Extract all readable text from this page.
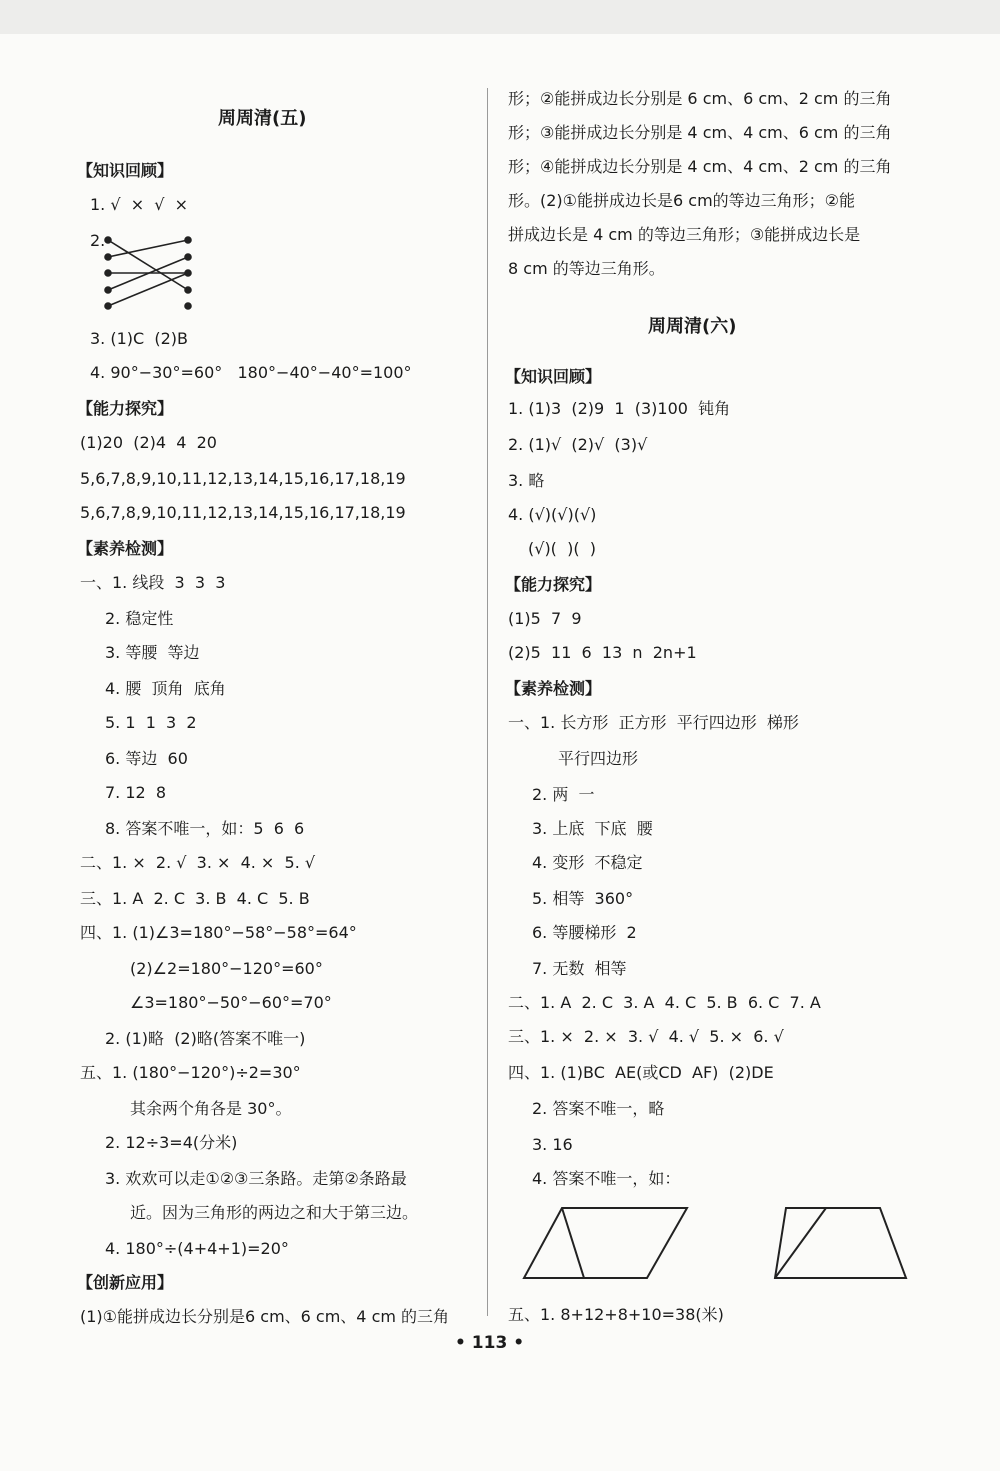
周周清(五)
【知识回顾】
1. √  ×  √  ×
2.
3. (1)C  (2)B
4. 90°−30°=60°   180°−40°−40°=100°
【能力探究】
(1)20  (2)4  4  20
5,6,7,8,9,10,11,12,13,14,15,16,17,18,19
5,6,7,8,9,10,11,12,13,14,15,16,17,18,19
【素养检测】
一、1. 线段  3  3  3
2. 稳定性
3. 等腰  等边
4. 腰  顶角  底角
5. 1  1  3  2
6. 等边  60
7. 12  8
8. 答案不唯一，如：5  6  6
二、1. ×  2. √  3. ×  4. ×  5. √
三、1. A  2. C  3. B  4. C  5. B
四、1. (1)∠3=180°−58°−58°=64°
(2)∠2=180°−120°=60°
∠3=180°−50°−60°=70°
2. (1)略  (2)略(答案不唯一)
五、1. (180°−120°)÷2=30°
其余两个角各是 30°。
2. 12÷3=4(分米)
3. 欢欢可以走①②③三条路。走第②条路最
近。因为三角形的两边之和大于第三边。
4. 180°÷(4+4+1)=20°
【创新应用】
(1)①能拼成边长分别是6 cm、6 cm、4 cm 的三角
形；②能拼成边长分别是 6 cm、6 cm、2 cm 的三角
形；③能拼成边长分别是 4 cm、4 cm、6 cm 的三角
形；④能拼成边长分别是 4 cm、4 cm、2 cm 的三角
形。(2)①能拼成边长是6 cm的等边三角形；②能
拼成边长是 4 cm 的等边三角形；③能拼成边长是
8 cm 的等边三角形。
周周清(六)
【知识回顾】
1. (1)3  (2)9  1  (3)100  钝角
2. (1)√  (2)√  (3)√
3. 略
4. (√)(√)(√)
(√)(  )(  )
【能力探究】
(1)5  7  9
(2)5  11  6  13  n  2n+1
【素养检测】
一、1. 长方形  正方形  平行四边形  梯形
平行四边形
2. 两  一
3. 上底  下底  腰
4. 变形  不稳定
5. 相等  360°
6. 等腰梯形  2
7. 无数  相等
二、1. A  2. C  3. A  4. C  5. B  6. C  7. A
三、1. ×  2. ×  3. √  4. √  5. ×  6. √
四、1. (1)BC  AE(或CD  AF)  (2)DE
2. 答案不唯一，略
3. 16
4. 答案不唯一，如：
五、1. 8+12+8+10=38(米)
• 113 •
